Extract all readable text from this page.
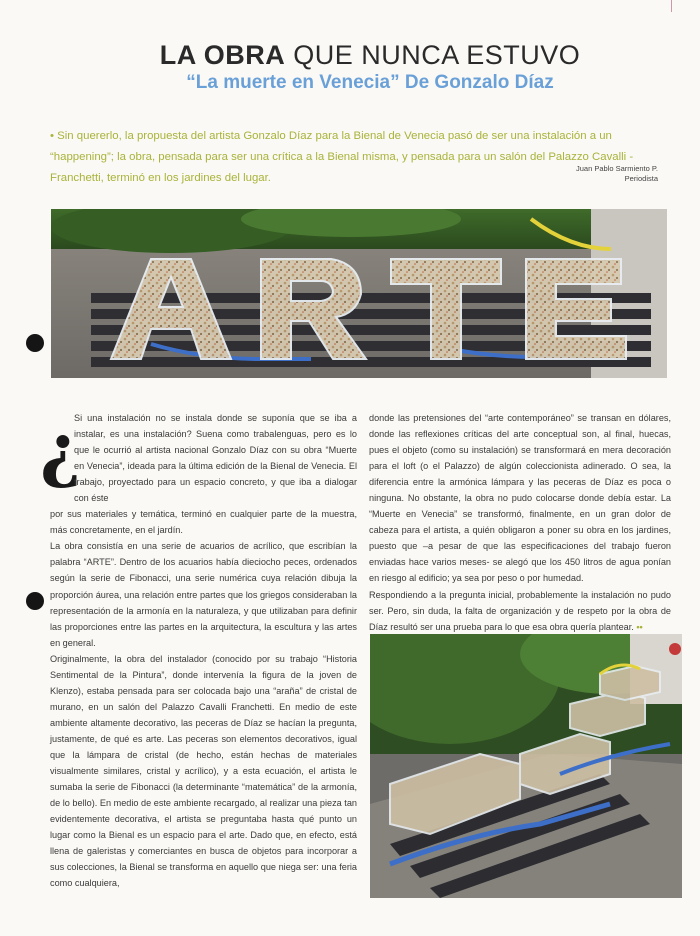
LA OBRA QUE NUNCA ESTUVO
“La muerte en Venecia” De Gonzalo Díaz
• Sin quererlo, la propuesta del artista Gonzalo Díaz para la Bienal de Venecia pasó de ser una instalación a un “happening”; la obra, pensada para ser una crítica a la Bienal misma, y pensada para un salón del Palazzo Cavalli - Franchetti, terminó en los jardines del lugar.
Juan Pablo Sarmiento P.
Periodista
¿

Si una instalación no se instala donde se suponía que se iba a instalar, es una instalación? Suena como trabalenguas, pero es lo que le ocurrió al artista nacional Gonzalo Díaz con su obra “Muerte en Venecia”, ideada para la última edición de la Bienal de Venecia. El trabajo, proyectado para un espacio concreto, y que iba a dialogar con éste

por sus materiales y temática, terminó en cualquier parte de la muestra, más concretamente, en el jardín.

La obra consistía en una serie de acuarios de acrílico, que escribían la palabra “ARTE”. Dentro de los acuarios había dieciocho peces, ordenados según la serie de Fibonacci, una serie numérica cuya relación dibuja la proporción áurea, una relación entre partes que los griegos consideraban la representación de la armonía en la naturaleza, y que utilizaban para definir las proporciones entre las partes en la arquitectura, la escultura y las artes en general.

Originalmente, la obra del instalador (conocido por su trabajo “Historia Sentimental de la Pintura”, donde intervenía la figura de la joven de Klenzo), estaba pensada para ser colocada bajo una “araña” de cristal de murano, en un salón del Palazzo Cavalli Franchetti. En medio de este ambiente altamente decorativo, las peceras de Díaz se hacían la pregunta, justamente, de qué es arte. Las peceras son elementos decorativos, igual que la lámpara de cristal (de hecho, están hechas de materiales visualmente similares, cristal y acrílico), y a esta ecuación, el artista le sumaba la serie de Fibonacci (la determinante “matemática” de la armonía, de lo bello). En medio de este ambiente recargado, al realizar una pieza tan evidentemente decorativa, el artista se preguntaba hasta qué punto un lugar como la Bienal es un espacio para el arte. Dado que, en efecto, está llena de galeristas y comerciantes en busca de objetos para incorporar a sus colecciones, la Bienal se transforma en aquello que niega ser: una feria como cualquiera,

donde las pretensiones del “arte contemporáneo” se transan en dólares, donde las reflexiones críticas del arte conceptual son, al final, huecas, pues el objeto (como su instalación) se transformará en mera decoración para el loft (o el Palazzo) de algún coleccionista adinerado. O sea, la diferencia entre la armónica lámpara y las peceras de Díaz es poca o ninguna. No obstante, la obra no pudo colocarse donde debía estar. La “Muerte en Venecia” se transformó, finalmente, en un gran dolor de cabeza para el artista, a quién obligaron a poner su obra en los jardines, puesto que –a pesar de que las especificaciones del trabajo fueron enviadas hace varios meses- se alegó que los 450 litros de agua ponían en riesgo al edificio; ya sea por peso o por humedad.

Respondiendo a la pregunta inicial, probablemente la instalación no pudo ser. Pero, sin duda, la falta de organización y de respeto por la obra de Díaz resultó ser una prueba para lo que esa obra quería plantear. ••
